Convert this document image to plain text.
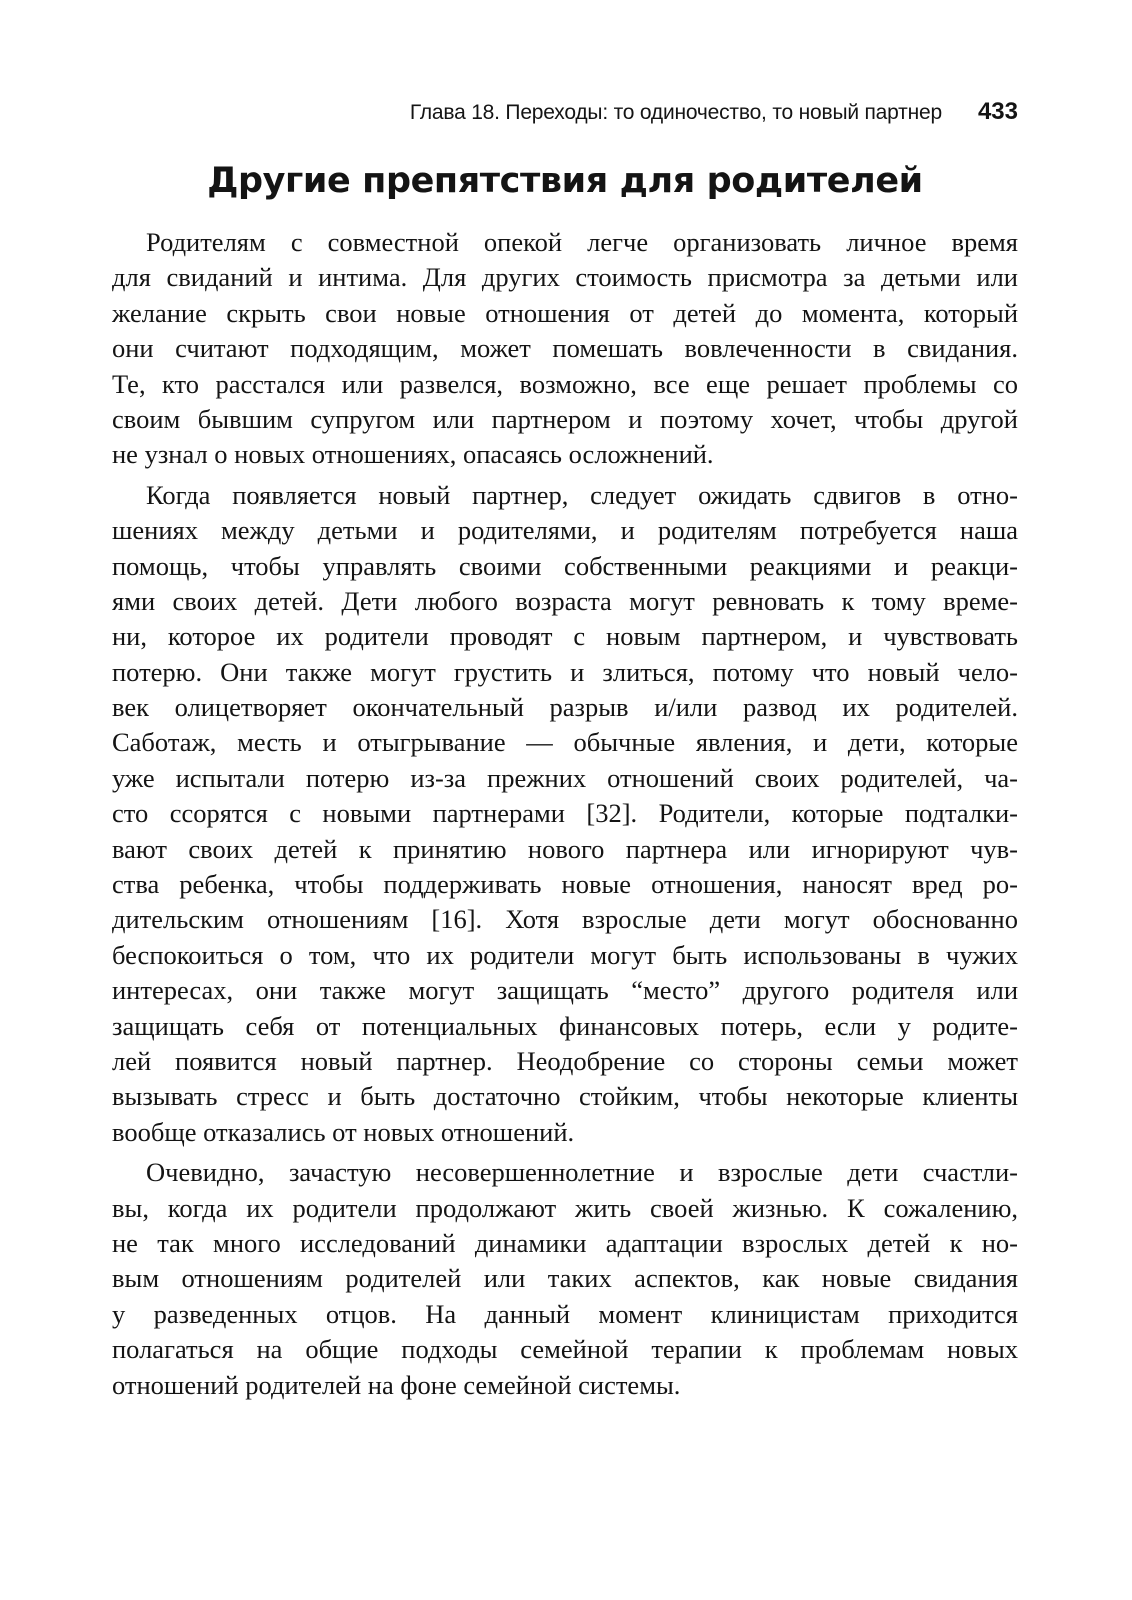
Глава 18. Переходы: то одиночество, то новый партнер 433
Другие препятствия для родителей

Родителям с совместной опекой легче организовать личное время
для свиданий и интима. Для других стоимость присмотра за детьми или
желание скрыть свои новые отношения от детей до момента, который
они считают подходящим, может помешать вовлеченности в свидания.
Те, кто расстался или развелся, возможно, все еще решает проблемы со
своим бывшим супругом или партнером и поэтому хочет, чтобы другой
не узнал о новых отношениях, опасаясь осложнений.

Когда появляется новый партнер, следует ожидать сдвигов в отно-
шениях между детьми и родителями, и родителям потребуется наша
помощь, чтобы управлять своими собственными реакциями и реакци-
ями своих детей. Дети любого возраста могут ревновать к тому време-
ни, которое их родители проводят с новым партнером, и чувствовать
потерю. Они также могут грустить и злиться, потому что новый чело-
век олицетворяет окончательный разрыв и/или развод их родителей.
Саботаж, месть и отыгрывание — обычные явления, и дети, которые
уже испытали потерю из-за прежних отношений своих родителей, ча-
сто ссорятся с новыми партнерами [32]. Родители, которые подталки-
вают своих детей к принятию нового партнера или игнорируют чув-
ства ребенка, чтобы поддерживать новые отношения, наносят вред ро-
дительским отношениям [16]. Хотя взрослые дети могут обоснованно
беспокоиться о том, что их родители могут быть использованы в чужих
интересах, они также могут защищать “место” другого родителя или
защищать себя от потенциальных финансовых потерь, если у родите-
лей появится новый партнер. Неодобрение со стороны семьи может
вызывать стресс и быть достаточно стойким, чтобы некоторые клиенты
вообще отказались от новых отношений.

Очевидно, зачастую несовершеннолетние и взрослые дети счастли-
вы, когда их родители продолжают жить своей жизнью. К сожалению,
не так много исследований динамики адаптации взрослых детей к но-
вым отношениям родителей или таких аспектов, как новые свидания
у разведенных отцов. На данный момент клиницистам приходится
полагаться на общие подходы семейной терапии к проблемам новых
отношений родителей на фоне семейной системы.
